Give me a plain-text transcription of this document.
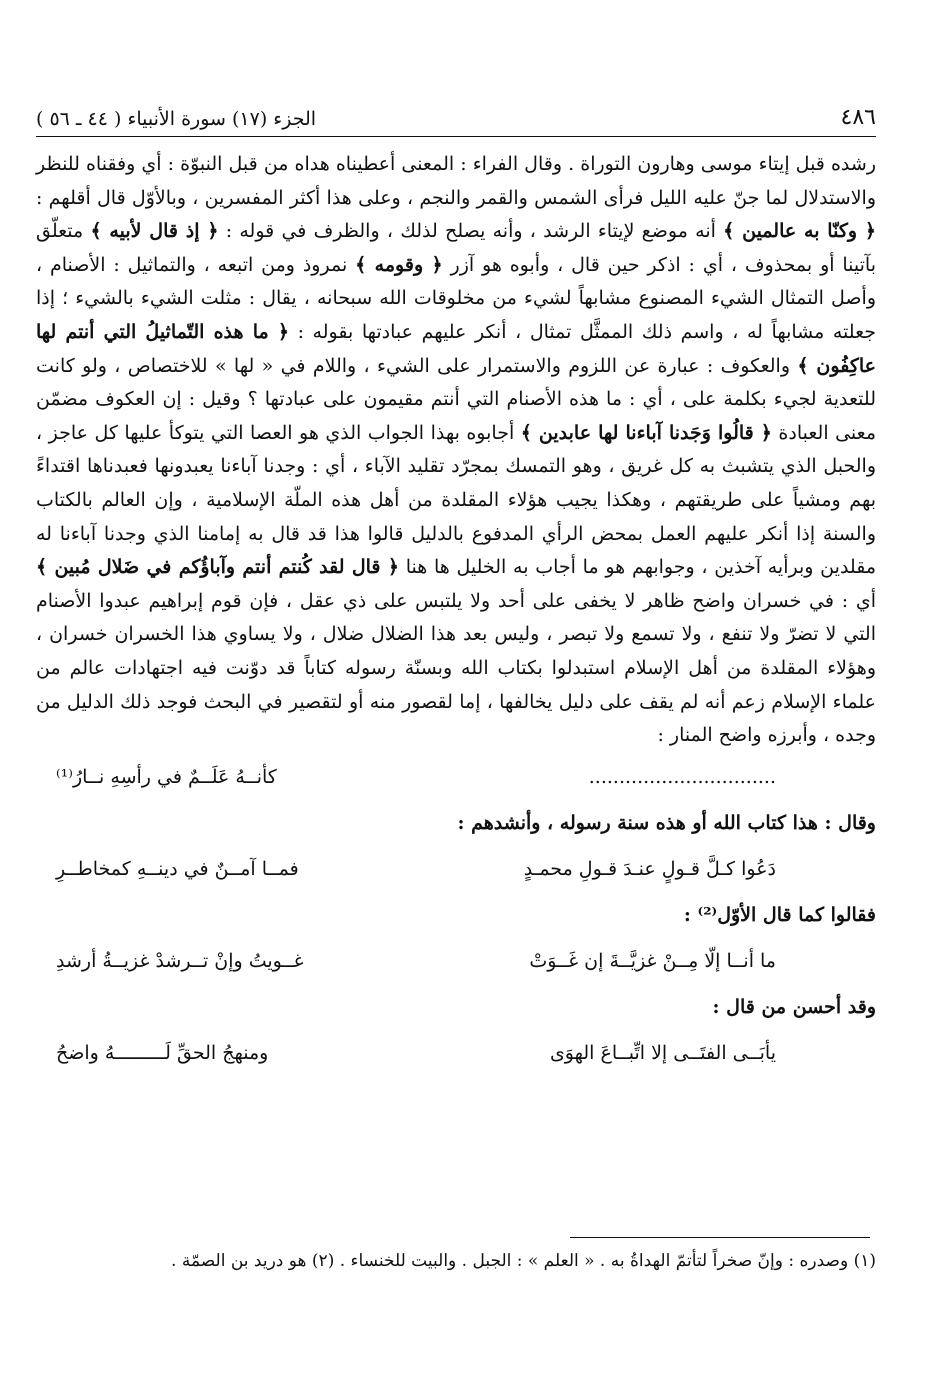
٤٨٦
الجزء (١٧) سورة الأنبياء ( ٤٤ ـ ٥٦ )

رشده قبل إيتاء موسى وهارون التوراة . وقال الفراء : المعنى أعطيناه هداه من قبل النبوّة : أي وفقناه للنظر والاستدلال لما جنّ عليه الليل فرأى الشمس والقمر والنجم ، وعلى هذا أكثر المفسرين ، وبالأوّل قال أقلهم : ﴿ وكنّا به عالمين ﴾ أنه موضع لإيتاء الرشد ، وأنه يصلح لذلك ، والظرف في قوله : ﴿ إذ قال لأبيه ﴾ متعلّق بآتينا أو بمحذوف ، أي : اذكر حين قال ، وأبوه هو آزر ﴿ وقومه ﴾ نمروذ ومن اتبعه ، والتماثيل : الأصنام ، وأصل التمثال الشيء المصنوع مشابهاً لشيء من مخلوقات الله سبحانه ، يقال : مثلت الشيء بالشيء ؛ إذا جعلته مشابهاً له ، واسم ذلك الممثَّل تمثال ، أنكر عليهم عبادتها بقوله : ﴿ ما هذه التّماثيلُ التي أنتم لها عاكِفُون ﴾ والعكوف : عبارة عن اللزوم والاستمرار على الشيء ، واللام في « لها » للاختصاص ، ولو كانت للتعدية لجيء بكلمة على ، أي : ما هذه الأصنام التي أنتم مقيمون على عبادتها ؟ وقيل : إن العكوف مضمّن معنى العبادة ﴿ قالُوا وَجَدنا آباءنا لها عابدين ﴾ أجابوه بهذا الجواب الذي هو العصا التي يتوكأ عليها كل عاجز ، والحبل الذي يتشبث به كل غريق ، وهو التمسك بمجرّد تقليد الآباء ، أي : وجدنا آباءنا يعبدونها فعبدناها اقتداءً بهم ومشياً على طريقتهم ، وهكذا يجيب هؤلاء المقلدة من أهل هذه الملّة الإسلامية ، وإن العالم بالكتاب والسنة إذا أنكر عليهم العمل بمحض الرأي المدفوع بالدليل قالوا هذا قد قال به إمامنا الذي وجدنا آباءنا له مقلدين وبرأيه آخذين ، وجوابهم هو ما أجاب به الخليل ها هنا ﴿ قال لقد كُنتم أنتم وآباؤُكم في ضَلال مُبين ﴾ أي : في خسران واضح ظاهر لا يخفى على أحد ولا يلتبس على ذي عقل ، فإن قوم إبراهيم عبدوا الأصنام التي لا تضرّ ولا تنفع ، ولا تسمع ولا تبصر ، وليس بعد هذا الضلال ضلال ، ولا يساوي هذا الخسران خسران ، وهؤلاء المقلدة من أهل الإسلام استبدلوا بكتاب الله وبسنّة رسوله كتاباً قد دوّنت فيه اجتهادات عالم من علماء الإسلام زعم أنه لم يقف على دليل يخالفها ، إما لقصور منه أو لتقصير في البحث فوجد ذلك الدليل من وجده ، وأبرزه واضح المنار :

...............................
كأنــهُ عَلَــمٌ في رأسِهِ نــارُ⁽¹⁾
وقال : هذا كتاب الله أو هذه سنة رسوله ، وأنشدهم :
دَعُوا كـلَّ قـولٍ عنـدَ قـولِ محمـدٍ
فمــا آمــنٌ في دينــهِ كمخاطــرِ
فقالوا كما قال الأوّل⁽²⁾ :
ما أنــا إلّا مِــنْ غزيَّــةَ إن غَــوَتْ
غــويتُ وإنْ تــرشدْ غزيــةُ أرشدِ
وقد أحسن من قال :
يأبَــى الفتَــى إلا اتِّبــاعَ الهوَى
ومنهجُ الحقِّ لَـــــــــهُ واضحُ
(١) وصدره : وإنّ صخراً لتأتمّ الهداةُ به . « العلم » : الجبل . والبيت للخنساء . (٢) هو دريد بن الصمّة .
